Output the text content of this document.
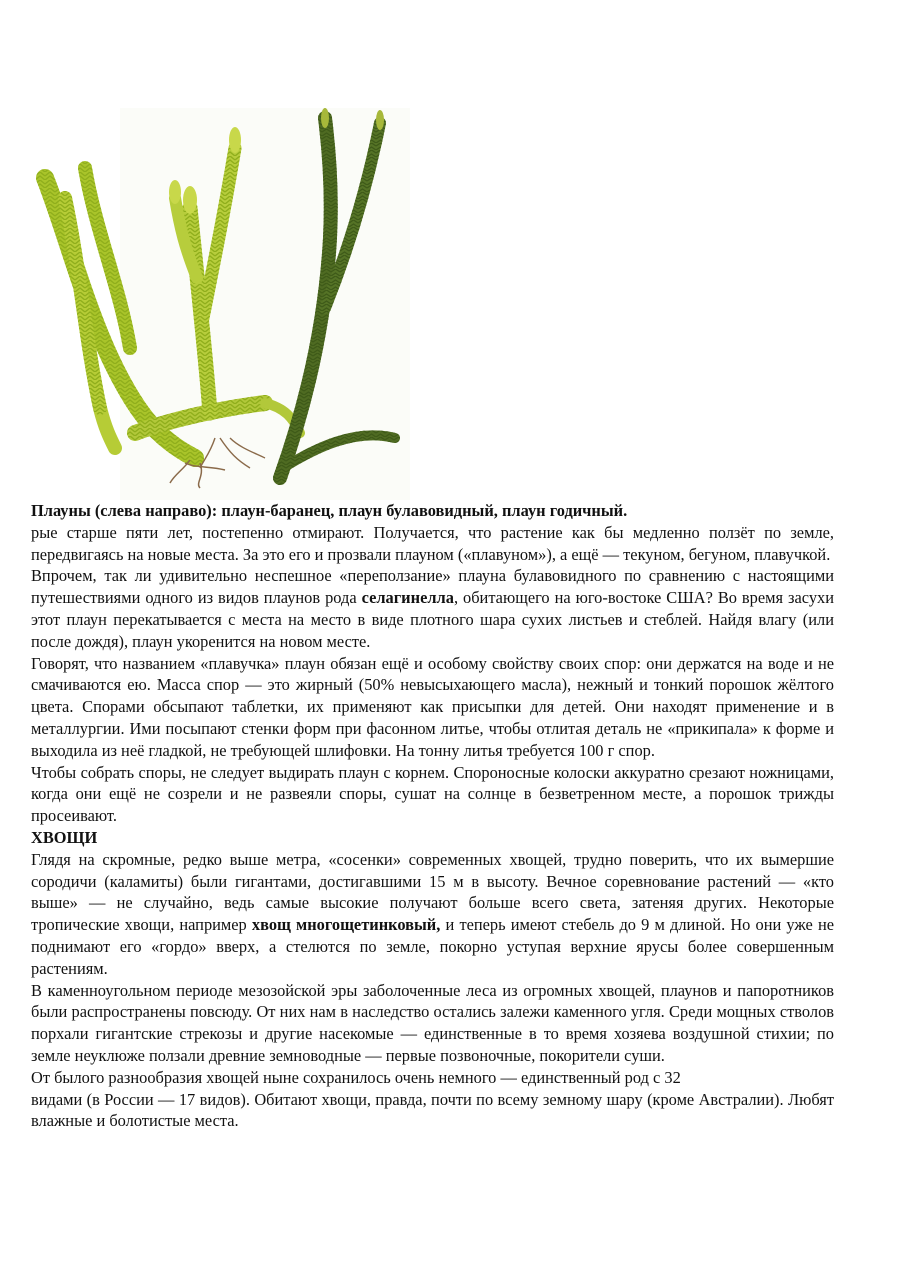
Плауны (слева направо): плаун-баранец, плаун булавовидный, плаун годичный.

рые старше пяти лет, постепенно отмирают. Получается, что растение как бы медленно ползёт по земле, передвигаясь на новые места. За это его и прозвали плауном («плавуном»), а ещё — текуном, бегуном, плавучкой.

Впрочем, так ли удивительно неспешное «переползание» плауна булавовидного по сравнению с настоящими путешествиями одного из видов плаунов рода селагинелла, обитающего на юго-востоке США? Во время засухи этот плаун перекатывается с места на место в виде плотного шара сухих листьев и стеблей. Найдя влагу (или после дождя), плаун укоренится на новом месте.

Говорят, что названием «плавучка» плаун обязан ещё и особому свойству своих спор: они держатся на воде и не смачиваются ею. Масса спор — это жирный (50% невысыхающего масла), нежный и тонкий порошок жёлтого цвета. Спорами обсыпают таблетки, их применяют как присыпки для детей. Они находят применение и в металлургии. Ими посыпают стенки форм при фасонном литье, чтобы отлитая деталь не «прикипала» к форме и выходила из неё гладкой, не требующей шлифовки. На тонну литья требуется 100 г спор.

Чтобы собрать споры, не следует выдирать плаун с корнем. Спороносные колоски аккуратно срезают ножницами, когда они ещё не созрели и не развеяли споры, сушат на солнце в безветренном месте, а порошок трижды просеивают.

ХВОЩИ

Глядя на скромные, редко выше метра, «сосенки» современных хвощей, трудно поверить, что их вымершие сородичи (каламиты) были гигантами, достигавшими 15 м в высоту. Вечное соревнование растений — «кто выше» — не случайно, ведь самые высокие получают больше всего света, затеняя других. Некоторые тропические хвощи, например хвощ многощетинковый, и теперь имеют стебель до 9 м длиной. Но они уже не поднимают его «гордо» вверх, а стелются по земле, покорно уступая верхние ярусы более совершенным растениям.

В каменноугольном периоде мезозойской эры заболоченные леса из огромных хвощей, плаунов и папоротников были распространены повсюду. От них нам в наследство остались залежи каменного угля. Среди мощных стволов порхали гигантские стрекозы и другие насекомые — единственные в то время хозяева воздушной стихии; по земле неуклюже ползали древние земноводные — первые позвоночные, покорители суши.

От былого разнообразия хвощей ныне сохранилось очень немного — единственный род с 32

видами (в России — 17 видов). Обитают хвощи, правда, почти по всему земному шару (кроме Австралии). Любят влажные и болотистые места.
